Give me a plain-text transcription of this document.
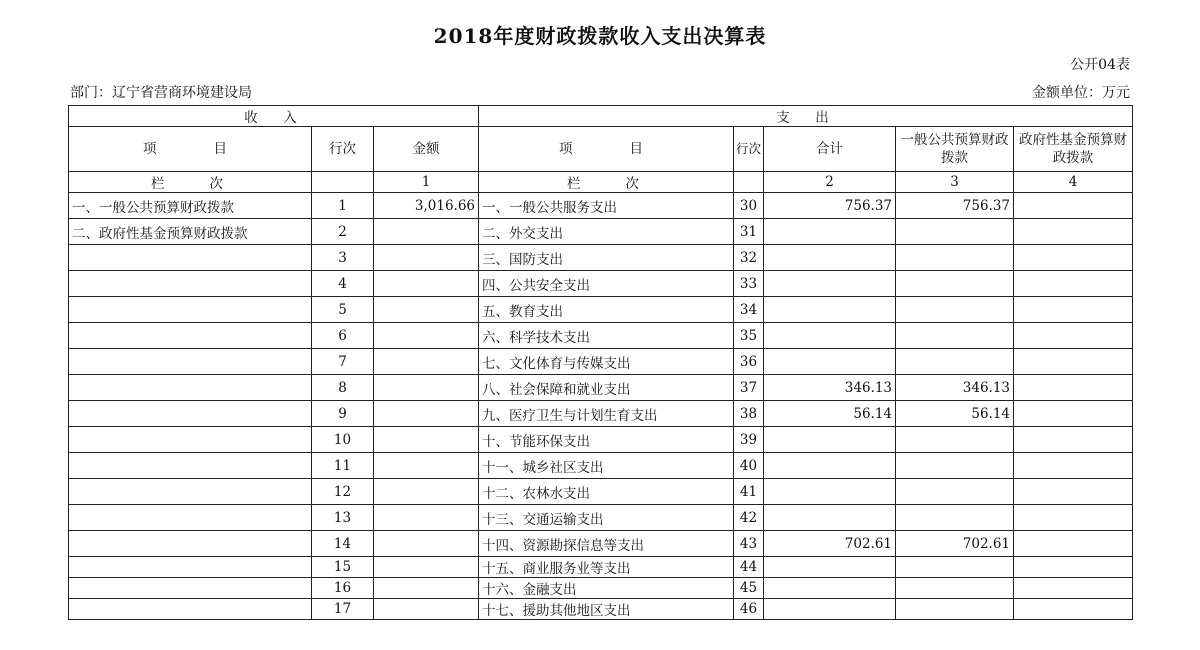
2018年度财政拨款收入支出决算表
公开04表
部门：辽宁省营商环境建设局	金额单位：万元
收　入			支　出				
项　　目	行次	金额	项　　目	行次	合计	一般公共预算财政拨款	政府性基金预算财政拨款
栏　　次		1	栏　　次		2	3	4
一、一般公共预算财政拨款	1	3,016.66	一、一般公共服务支出	30	756.37	756.37	
二、政府性基金预算财政拨款	2		二、外交支出	31			
	3		三、国防支出	32			
	4		四、公共安全支出	33			
	5		五、教育支出	34			
	6		六、科学技术支出	35			
	7		七、文化体育与传媒支出	36			
	8		八、社会保障和就业支出	37	346.13	346.13	
	9		九、医疗卫生与计划生育支出	38	56.14	56.14	
	10		十、节能环保支出	39			
	11		十一、城乡社区支出	40			
	12		十二、农林水支出	41			
	13		十三、交通运输支出	42			
	14		十四、资源勘探信息等支出	43	702.61	702.61	
	15		十五、商业服务业等支出	44			
	16		十六、金融支出	45			
	17		十七、援助其他地区支出	46			
